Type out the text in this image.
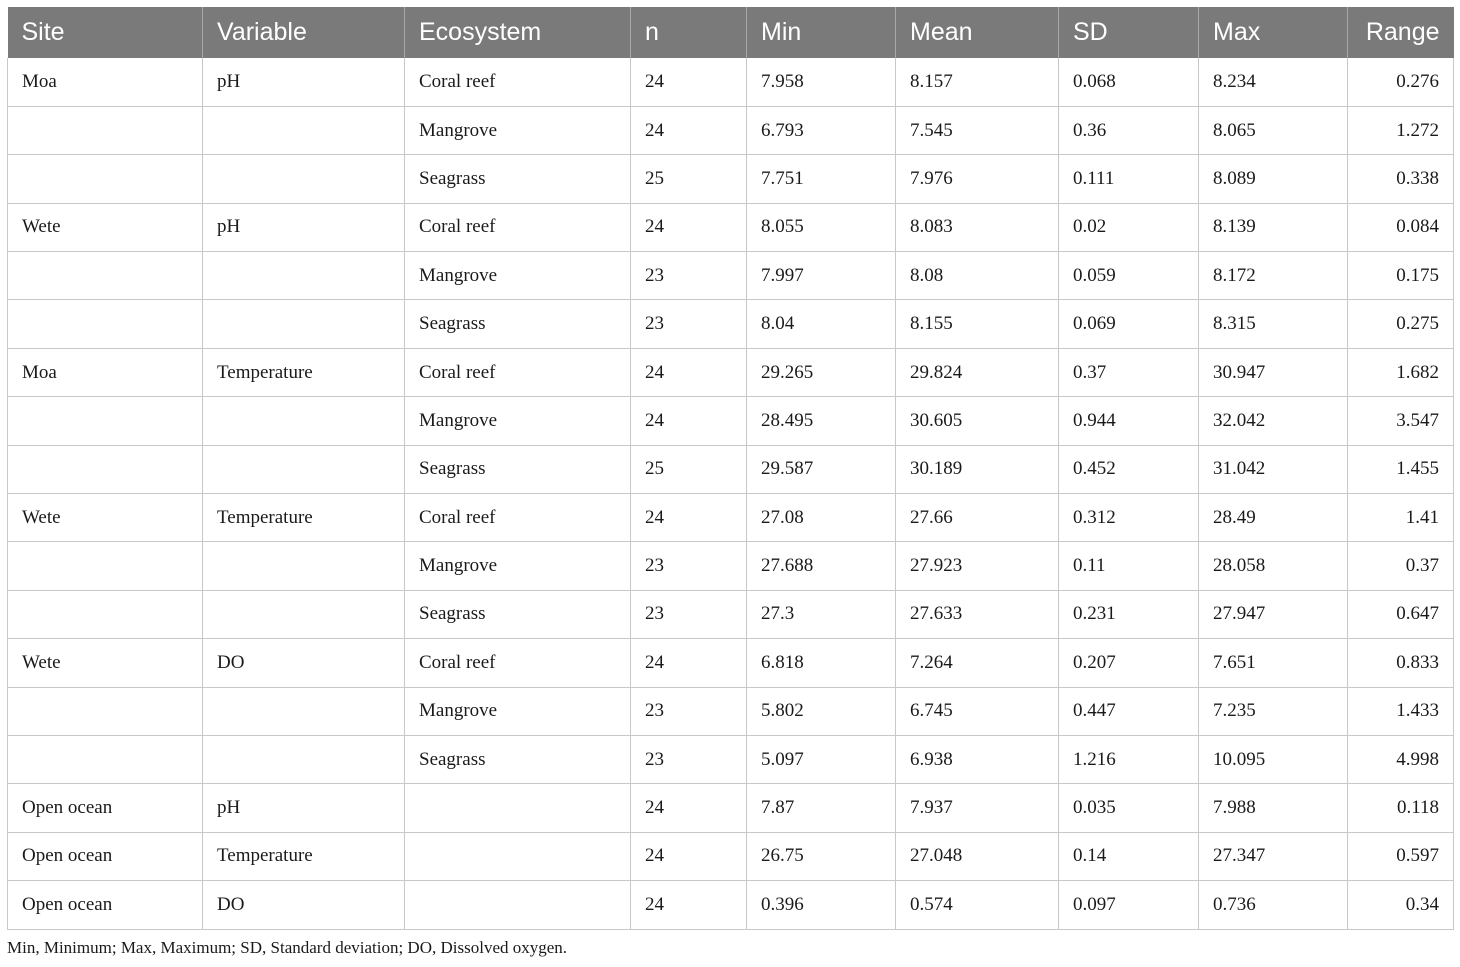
Site	Variable	Ecosystem	n	Min	Mean	SD	Max	Range
Moa	pH	Coral reef	24	7.958	8.157	0.068	8.234	0.276
		Mangrove	24	6.793	7.545	0.36	8.065	1.272
		Seagrass	25	7.751	7.976	0.111	8.089	0.338
Wete	pH	Coral reef	24	8.055	8.083	0.02	8.139	0.084
		Mangrove	23	7.997	8.08	0.059	8.172	0.175
		Seagrass	23	8.04	8.155	0.069	8.315	0.275
Moa	Temperature	Coral reef	24	29.265	29.824	0.37	30.947	1.682
		Mangrove	24	28.495	30.605	0.944	32.042	3.547
		Seagrass	25	29.587	30.189	0.452	31.042	1.455
Wete	Temperature	Coral reef	24	27.08	27.66	0.312	28.49	1.41
		Mangrove	23	27.688	27.923	0.11	28.058	0.37
		Seagrass	23	27.3	27.633	0.231	27.947	0.647
Wete	DO	Coral reef	24	6.818	7.264	0.207	7.651	0.833
		Mangrove	23	5.802	6.745	0.447	7.235	1.433
		Seagrass	23	5.097	6.938	1.216	10.095	4.998
Open ocean	pH		24	7.87	7.937	0.035	7.988	0.118
Open ocean	Temperature		24	26.75	27.048	0.14	27.347	0.597
Open ocean	DO		24	0.396	0.574	0.097	0.736	0.34
Min, Minimum; Max, Maximum; SD, Standard deviation; DO, Dissolved oxygen.
